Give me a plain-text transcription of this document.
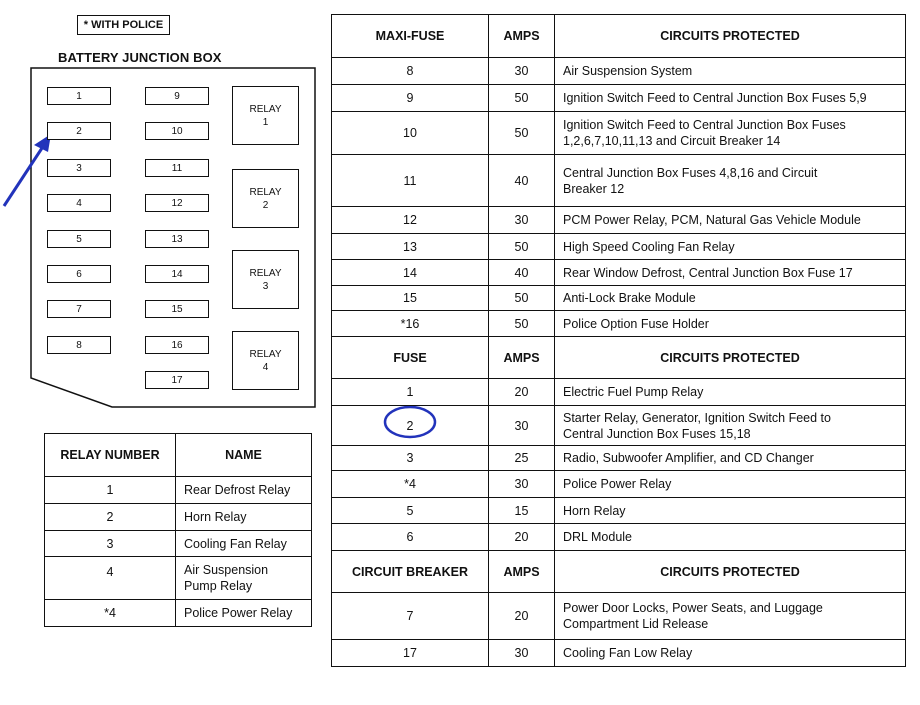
* WITH POLICE
BATTERY JUNCTION BOX
RELAY NUMBER	NAME
1	Rear Defrost Relay
2	Horn Relay
3	Cooling Fan Relay
4	Air Suspension Pump Relay
*4	Police Power Relay
MAXI-FUSE	AMPS	CIRCUITS PROTECTED
8	30	Air Suspension System
9	50	Ignition Switch Feed to Central Junction Box Fuses 5,9
10	50	Ignition Switch Feed to Central Junction Box Fuses 1,2,6,7,10,11,13 and Circuit Breaker 14
11	40	Central Junction Box Fuses 4,8,16 and Circuit Breaker 12
12	30	PCM Power Relay, PCM, Natural Gas Vehicle Module
13	50	High Speed Cooling Fan Relay
14	40	Rear Window Defrost, Central Junction Box Fuse 17
15	50	Anti-Lock Brake Module
*16	50	Police Option Fuse Holder
FUSE	AMPS	CIRCUITS PROTECTED
1	20	Electric Fuel Pump Relay
2	30	Starter Relay, Generator, Ignition Switch Feed to Central Junction Box Fuses 15,18
3	25	Radio, Subwoofer Amplifier, and CD Changer
*4	30	Police Power Relay
5	15	Horn Relay
6	20	DRL Module
CIRCUIT BREAKER	AMPS	CIRCUITS PROTECTED
7	20	Power Door Locks, Power Seats, and Luggage Compartment Lid Release
17	30	Cooling Fan Low Relay
1
2
3
4
5
6
7
8
9
10
11
12
13
14
15
16
17
RELAY
1
RELAY
2
RELAY
3
RELAY
4
